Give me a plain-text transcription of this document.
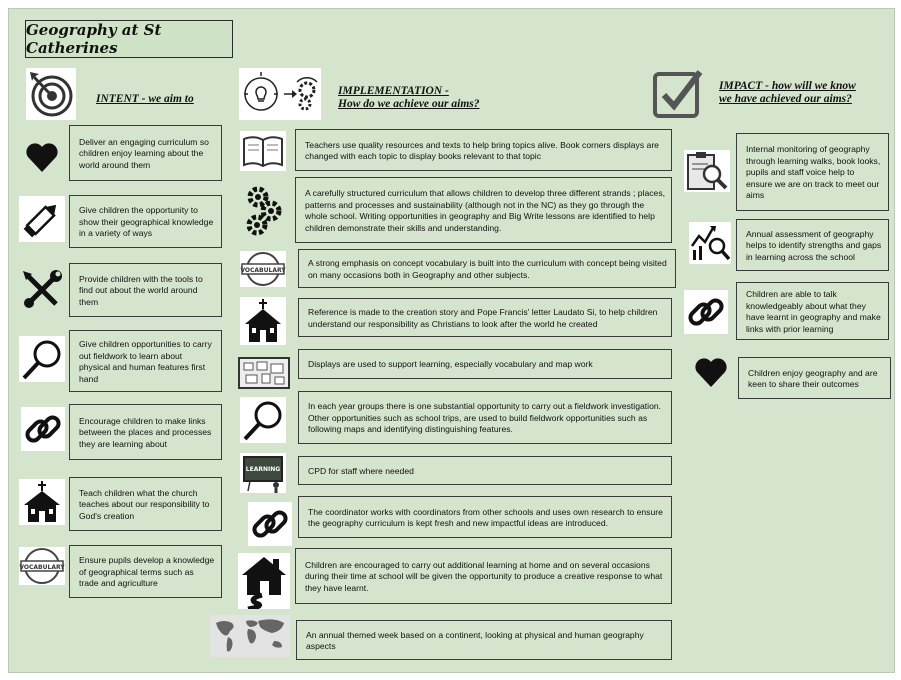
Geography at St Catherines
INTENT - we aim to
IMPLEMENTATION -
How do we achieve our aims?
IMPACT - how will we know
we have achieved our aims?
Deliver an engaging curriculum so children enjoy learning about the world around them
Give children the opportunity to show their geographical knowledge in a variety of ways
Provide children with the tools to find out about the world around them
Give children opportunities to carry out fieldwork to learn about physical and human features first hand
Encourage children to make links between the places and processes they are learning about
Teach children what the church teaches about our responsibility to God's creation
VOCABULARY
Ensure pupils develop a knowledge of geographical terms such as trade and agriculture
Teachers use quality resources and texts to help bring topics alive. Book corners displays are changed with each topic to display books relevant to that topic
A carefully structured curriculum that allows children to develop three different strands ; places, patterns and processes and sustainability (although not in the NC) as they go through the whole school. Writing opportunities in geography and Big Write lessons are identified to help children demonstrate their skills and understanding.
VOCABULARY
A strong emphasis on concept vocabulary is built into the curriculum with concept being visited on many occasions both in Geography and other subjects.
Reference is made to the creation story and Pope Francis' letter Laudato Si, to help children understand our responsibility as Christians to look after the world he created
Displays are used to support learning, especially vocabulary and map work
In each year groups there is one substantial opportunity to carry out a fieldwork investigation. Other opportunities such as school trips, are used to build fieldwork opportunities such as following maps and identifying distinguishing features.
LEARNING	CPD for staff where needed
The coordinator works with coordinators from other schools and uses own research to ensure the geography curriculum is kept fresh and new impactful ideas are introduced.
Children are encouraged to carry out additional learning at home and on several occasions during their time at school will be given the opportunity to produce a creative response to what they have learnt.
An annual themed week based on a continent, looking at physical and human geography aspects
Internal monitoring of geography through learning walks, book looks, pupils and staff voice help to ensure we are on track to meet our aims
Annual assessment of geography helps to identify strengths and gaps in learning across the school
Children are able to talk knowledgeably about what they have learnt in geography and make links with prior learning
Children enjoy geography and are keen to share their outcomes
